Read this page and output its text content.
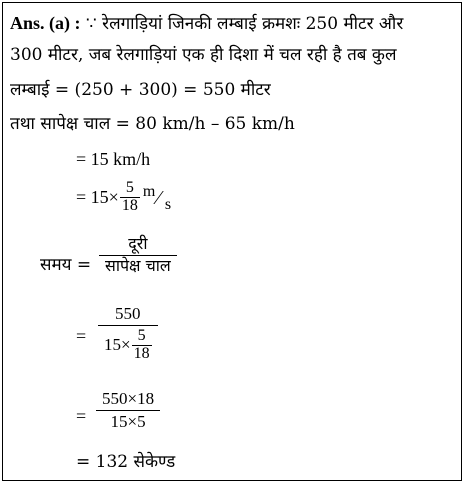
Ans. (a) : ∵ रेलगाड़ियां जिनकी लम्बाई क्रमशः 250 मीटर और
300 मीटर, जब रेलगाड़ियां एक ही दिशा में चल रही है तब कुल
लम्बाई = (250 + 300) = 550 मीटर
तथा सापेक्ष चाल = 80 km/h – 65 km/h
= 15 km/h
= 15× 5
18
m ⁄ s
समय =
दूरी
सापेक्ष चाल
=
550
15× 5
18
=
550×18
15×5
= 132 सेकेण्ड
